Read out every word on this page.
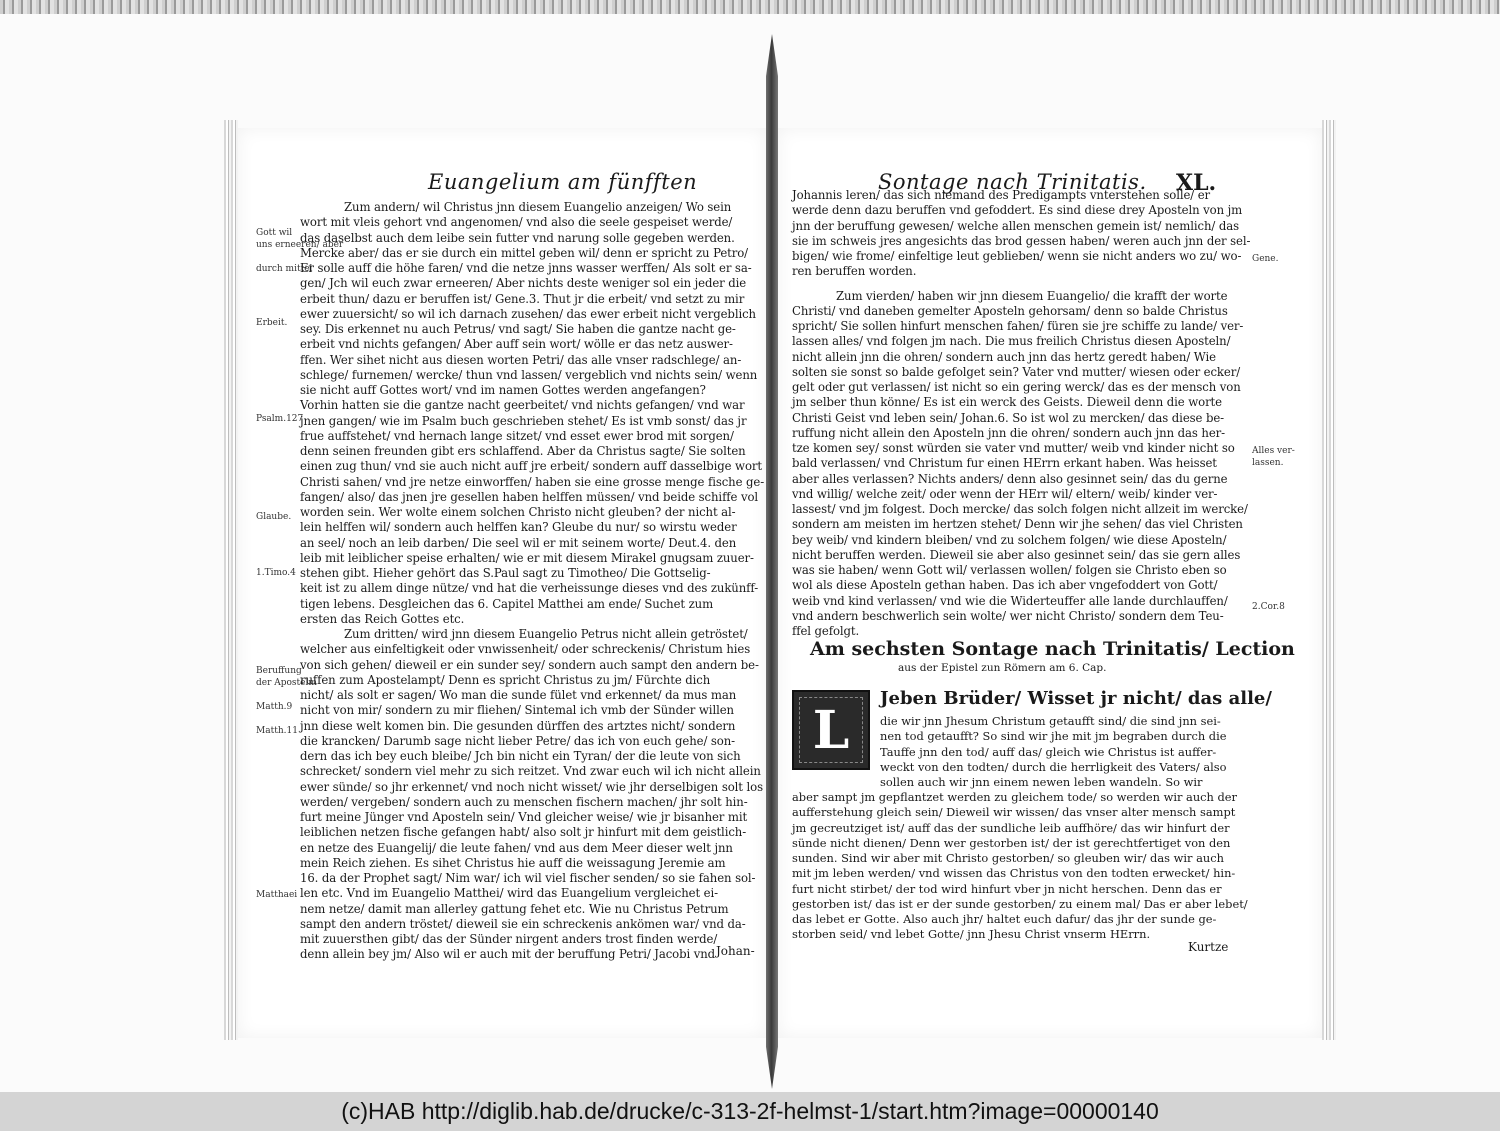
Euangelium am fünfften
Gott wil
uns erneeren/ aber
durch mittel
Erbeit.
Psalm.127
Glaube.
1.Timo.4
Beruffung
der Apostelm
Matth.9
Matth.11
Matthaei
Zum andern/ wil Christus jnn diesem Euangelio anzeigen/ Wo sein
wort mit vleis gehort vnd angenomen/ vnd also die seele gespeiset werde/
das daselbst auch dem leibe sein futter vnd narung solle gegeben werden.
Mercke aber/ das er sie durch ein mittel geben wil/ denn er spricht zu Petro/
Er solle auff die höhe faren/ vnd die netze jnns wasser werffen/ Als solt er sa-
gen/ Jch wil euch zwar erneeren/ Aber nichts deste weniger sol ein jeder die
erbeit thun/ dazu er beruffen ist/ Gene.3. Thut jr die erbeit/ vnd setzt zu mir
ewer zuuersicht/ so wil ich darnach zusehen/ das ewer erbeit nicht vergeblich
sey. Dis erkennet nu auch Petrus/ vnd sagt/ Sie haben die gantze nacht ge-
erbeit vnd nichts gefangen/ Aber auff sein wort/ wölle er das netz auswer-
ffen. Wer sihet nicht aus diesen worten Petri/ das alle vnser radschlege/ an-
schlege/ furnemen/ wercke/ thun vnd lassen/ vergeblich vnd nichts sein/ wenn
sie nicht auff Gottes wort/ vnd im namen Gottes werden angefangen?
Vorhin hatten sie die gantze nacht geerbeitet/ vnd nichts gefangen/ vnd war
jnen gangen/ wie im Psalm buch geschrieben stehet/ Es ist vmb sonst/ das jr
frue auffstehet/ vnd hernach lange sitzet/ vnd esset ewer brod mit sorgen/
denn seinen freunden gibt ers schlaffend. Aber da Christus sagte/ Sie solten
einen zug thun/ vnd sie auch nicht auff jre erbeit/ sondern auff dasselbige wort
Christi sahen/ vnd jre netze einworffen/ haben sie eine grosse menge fische ge-
fangen/ also/ das jnen jre gesellen haben helffen müssen/ vnd beide schiffe vol
worden sein. Wer wolte einem solchen Christo nicht gleuben? der nicht al-
lein helffen wil/ sondern auch helffen kan? Gleube du nur/ so wirstu weder
an seel/ noch an leib darben/ Die seel wil er mit seinem worte/ Deut.4. den
leib mit leiblicher speise erhalten/ wie er mit diesem Mirakel gnugsam zuuer-
stehen gibt. Hieher gehört das S.Paul sagt zu Timotheo/ Die Gottselig-
keit ist zu allem dinge nütze/ vnd hat die verheissunge dieses vnd des zukünff-
tigen lebens. Desgleichen das 6. Capitel Matthei am ende/ Suchet zum
ersten das Reich Gottes etc.
Zum dritten/ wird jnn diesem Euangelio Petrus nicht allein getröstet/
welcher aus einfeltigkeit oder vnwissenheit/ oder schreckenis/ Christum hies
von sich gehen/ dieweil er ein sunder sey/ sondern auch sampt den andern be-
ruffen zum Apostelampt/ Denn es spricht Christus zu jm/ Fürchte dich
nicht/ als solt er sagen/ Wo man die sunde fület vnd erkennet/ da mus man
nicht von mir/ sondern zu mir fliehen/ Sintemal ich vmb der Sünder willen
jnn diese welt komen bin. Die gesunden dürffen des artztes nicht/ sondern
die krancken/ Darumb sage nicht lieber Petre/ das ich von euch gehe/ son-
dern das ich bey euch bleibe/ Jch bin nicht ein Tyran/ der die leute von sich
schrecket/ sondern viel mehr zu sich reitzet. Vnd zwar euch wil ich nicht allein
ewer sünde/ so jhr erkennet/ vnd noch nicht wisset/ wie jhr derselbigen solt los
werden/ vergeben/ sondern auch zu menschen fischern machen/ jhr solt hin-
furt meine Jünger vnd Aposteln sein/ Vnd gleicher weise/ wie jr bisanher mit
leiblichen netzen fische gefangen habt/ also solt jr hinfurt mit dem geistlich-
en netze des Euangelij/ die leute fahen/ vnd aus dem Meer dieser welt jnn
mein Reich ziehen. Es sihet Christus hie auff die weissagung Jeremie am
16. da der Prophet sagt/ Nim war/ ich wil viel fischer senden/ so sie fahen sol-
len etc. Vnd im Euangelio Matthei/ wird das Euangelium vergleichet ei-
nem netze/ damit man allerley gattung fehet etc. Wie nu Christus Petrum
sampt den andern tröstet/ dieweil sie ein schreckenis ankömen war/ vnd da-
mit zuuersthen gibt/ das der Sünder nirgent anders trost finden werde/
denn allein bey jm/ Also wil er auch mit der beruffung Petri/ Jacobi vnd Johan-
Sontage nach Trinitatis. XL.
Gene.
Alles ver-
lassen.
2.Cor.8
Johannis leren/ das sich niemand des Predigampts vnterstehen solle/ er
werde denn dazu beruffen vnd gefoddert. Es sind diese drey Aposteln von jm
jnn der beruffung gewesen/ welche allen menschen gemein ist/ nemlich/ das
sie im schweis jres angesichts das brod gessen haben/ weren auch jnn der sel-
bigen/ wie frome/ einfeltige leut geblieben/ wenn sie nicht anders wo zu/ wo-
ren beruffen worden.
Zum vierden/ haben wir jnn diesem Euangelio/ die krafft der worte
Christi/ vnd daneben gemelter Aposteln gehorsam/ denn so balde Christus
spricht/ Sie sollen hinfurt menschen fahen/ füren sie jre schiffe zu lande/ ver-
lassen alles/ vnd folgen jm nach. Die mus freilich Christus diesen Aposteln/
nicht allein jnn die ohren/ sondern auch jnn das hertz geredt haben/ Wie
solten sie sonst so balde gefolget sein? Vater vnd mutter/ wiesen oder ecker/
gelt oder gut verlassen/ ist nicht so ein gering werck/ das es der mensch von
jm selber thun könne/ Es ist ein werck des Geists. Dieweil denn die worte
Christi Geist vnd leben sein/ Johan.6. So ist wol zu mercken/ das diese be-
ruffung nicht allein den Aposteln jnn die ohren/ sondern auch jnn das her-
tze komen sey/ sonst würden sie vater vnd mutter/ weib vnd kinder nicht so
bald verlassen/ vnd Christum fur einen HErrn erkant haben. Was heisset
aber alles verlassen? Nichts anders/ denn also gesinnet sein/ das du gerne
vnd willig/ welche zeit/ oder wenn der HErr wil/ eltern/ weib/ kinder ver-
lassest/ vnd jm folgest. Doch mercke/ das solch folgen nicht allzeit im wercke/
sondern am meisten im hertzen stehet/ Denn wir jhe sehen/ das viel Christen
bey weib/ vnd kindern bleiben/ vnd zu solchem folgen/ wie diese Aposteln/
nicht beruffen werden. Dieweil sie aber also gesinnet sein/ das sie gern alles
was sie haben/ wenn Gott wil/ verlassen wollen/ folgen sie Christo eben so
wol als diese Aposteln gethan haben. Das ich aber vngefoddert von Gott/
weib vnd kind verlassen/ vnd wie die Widerteuffer alle lande durchlauffen/
vnd andern beschwerlich sein wolte/ wer nicht Christo/ sondern dem Teu-
ffel gefolgt.
Am sechsten Sontage nach Trinitatis/ Lection
aus der Epistel zun Römern am 6. Cap.
L
Jeben Brüder/ Wisset jr nicht/ das alle/
die wir jnn Jhesum Christum getaufft sind/ die sind jnn sei-
nen tod getaufft? So sind wir jhe mit jm begraben durch die
Tauffe jnn den tod/ auff das/ gleich wie Christus ist auffer-
weckt von den todten/ durch die herrligkeit des Vaters/ also
sollen auch wir jnn einem newen leben wandeln. So wir
aber sampt jm gepflantzet werden zu gleichem tode/ so werden wir auch der
aufferstehung gleich sein/ Dieweil wir wissen/ das vnser alter mensch sampt
jm gecreutziget ist/ auff das der sundliche leib auffhöre/ das wir hinfurt der
sünde nicht dienen/ Denn wer gestorben ist/ der ist gerechtfertiget von den
sunden. Sind wir aber mit Christo gestorben/ so gleuben wir/ das wir auch
mit jm leben werden/ vnd wissen das Christus von den todten erwecket/ hin-
furt nicht stirbet/ der tod wird hinfurt vber jn nicht herschen. Denn das er
gestorben ist/ das ist er der sunde gestorben/ zu einem mal/ Das er aber lebet/
das lebet er Gotte. Also auch jhr/ haltet euch dafur/ das jhr der sunde ge-
storben seid/ vnd lebet Gotte/ jnn Jhesu Christ vnserm HErrn.
Kurtze
(c)HAB http://diglib.hab.de/drucke/c-313-2f-helmst-1/start.htm?image=00000140
